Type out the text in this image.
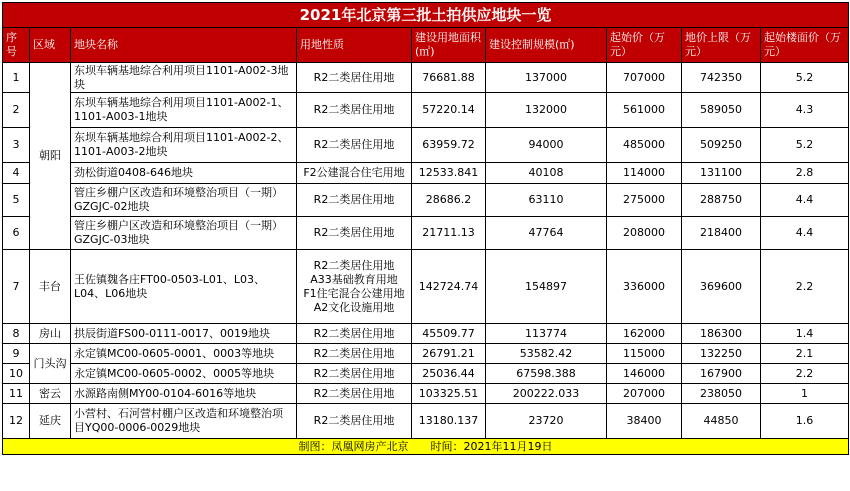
2021年北京第三批土拍供应地块一览								
序号	区域	地块名称	用地性质	建设用地面积(㎡)	建设控制规模(㎡)	起始价（万元）	地价上限（万元）	起始楼面价（万元）
1	朝阳	东坝车辆基地综合利用项目1101-A002-3地块	R2二类居住用地	76681.88	137000	707000	742350	5.2
2		东坝车辆基地综合利用项目1101-A002-1、1101-A003-1地块	R2二类居住用地	57220.14	132000	561000	589050	4.3
3		东坝车辆基地综合利用项目1101-A002-2、1101-A003-2地块	R2二类居住用地	63959.72	94000	485000	509250	5.2
4		劲松街道0408-646地块	F2公建混合住宅用地	12533.841	40108	114000	131100	2.8
5		管庄乡棚户区改造和环境整治项目（一期）GZGJC-02地块	R2二类居住用地	28686.2	63110	275000	288750	4.4
6		管庄乡棚户区改造和环境整治项目（一期）GZGJC-03地块	R2二类居住用地	21711.13	47764	208000	218400	4.4
7	丰台	王佐镇魏各庄FT00-0503-L01、L03、L04、L06地块	R2二类居住用地
A33基础教育用地
F1住宅混合公建用地
A2文化设施用地	142724.74	154897	336000	369600	2.2
8	房山	拱辰街道FS00-0111-0017、0019地块	R2二类居住用地	45509.77	113774	162000	186300	1.4
9	门头沟	永定镇MC00-0605-0001、0003等地块	R2二类居住用地	26791.21	53582.42	115000	132250	2.1
10		永定镇MC00-0605-0002、0005等地块	R2二类居住用地	25036.44	67598.388	146000	167900	2.2
11	密云	水源路南侧MY00-0104-6016等地块	R2二类居住用地	103325.51	200222.033	207000	238050	1
12	延庆	小营村、石河营村棚户区改造和环境整治项目YQ00-0006-0029地块	R2二类居住用地	13180.137	23720	38400	44850	1.6
制图：凤凰网房产北京　　时间：2021年11月19日								
